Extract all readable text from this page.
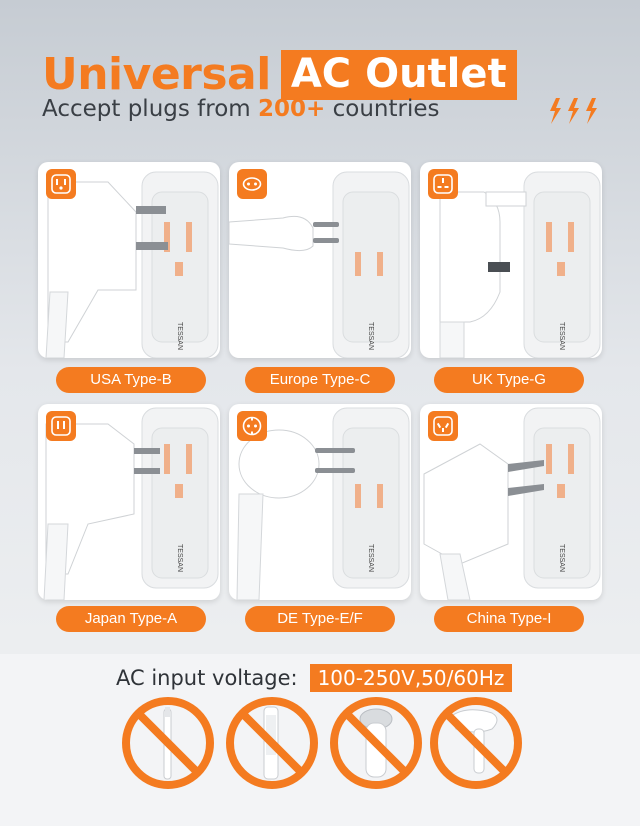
Universal AC Outlet
Accept plugs from 200+ countries
TESSAN	TESSAN	TESSAN
TESSAN	TESSAN	TESSAN
USA Type-B	Europe Type-C	UK Type-G
Japan Type-A	DE Type-E/F	China Type-I
AC input voltage:	100-250V,50/60Hz
